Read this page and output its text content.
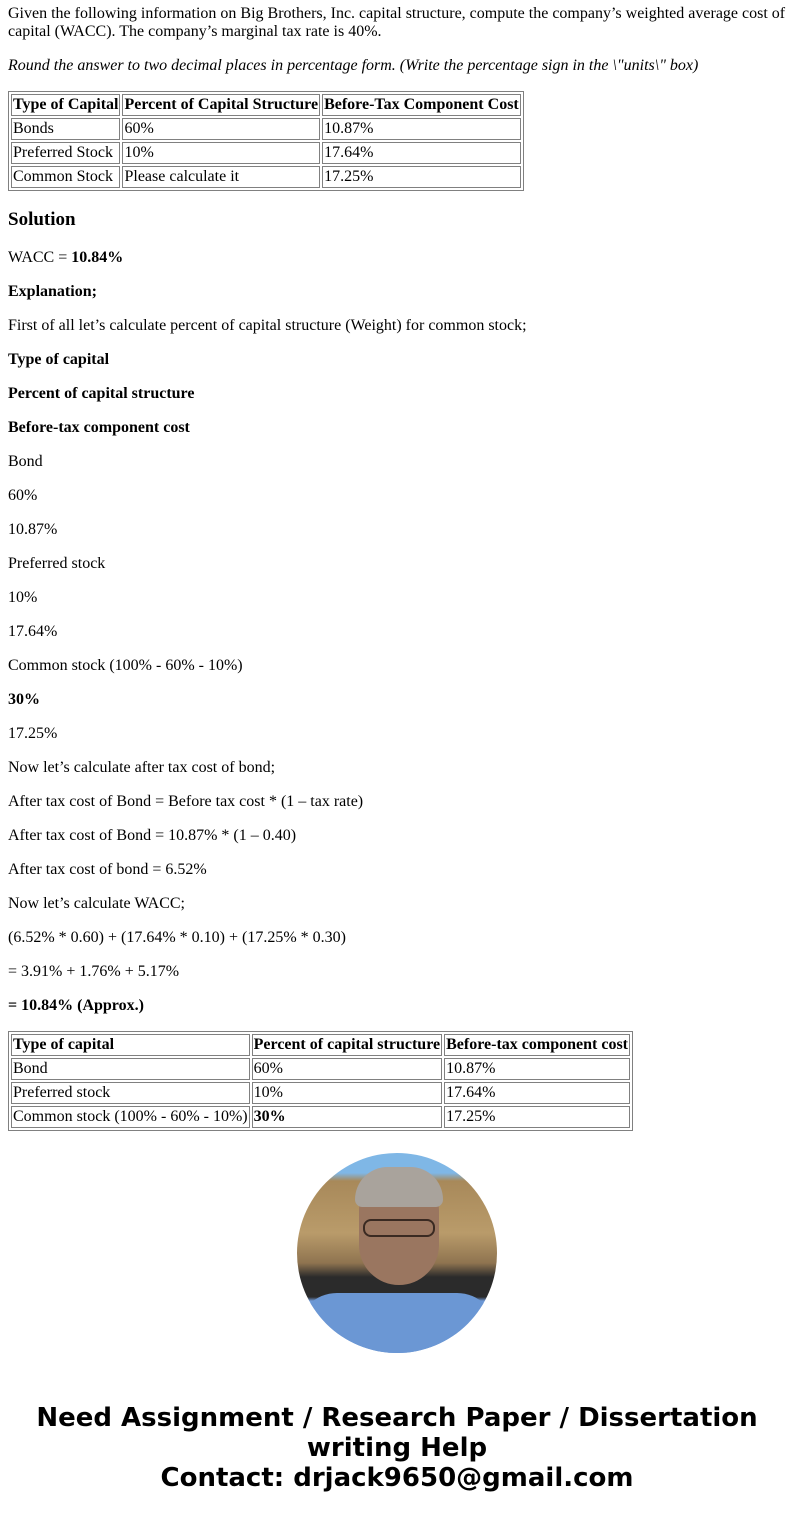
Given the following information on Big Brothers, Inc. capital structure, compute the company’s weighted average cost of capital (WACC). The company’s marginal tax rate is 40%.

Round the answer to two decimal places in percentage form. (Write the percentage sign in the \"units\" box)

Type of Capital	Percent of Capital Structure	Before-Tax Component Cost
Bonds	60%	10.87%
Preferred Stock	10%	17.64%
Common Stock	Please calculate it	17.25%
Solution

WACC = 10.84%

Explanation;

First of all let’s calculate percent of capital structure (Weight) for common stock;

Type of capital

Percent of capital structure

Before-tax component cost

Bond

60%

10.87%

Preferred stock

10%

17.64%

Common stock (100% - 60% - 10%)

30%

17.25%

Now let’s calculate after tax cost of bond;

After tax cost of Bond = Before tax cost * (1 – tax rate)

After tax cost of Bond = 10.87% * (1 – 0.40)

After tax cost of bond = 6.52%

Now let’s calculate WACC;

(6.52% * 0.60) + (17.64% * 0.10) + (17.25% * 0.30)

= 3.91% + 1.76% + 5.17%

= 10.84% (Approx.)

Type of capital	Percent of capital structure	Before-tax component cost
Bond	60%	10.87%
Preferred stock	10%	17.64%
Common stock (100% - 60% - 10%)	30%	17.25%
Need Assignment / Research Paper / Dissertation writing Help
Contact: drjack9650@gmail.com
